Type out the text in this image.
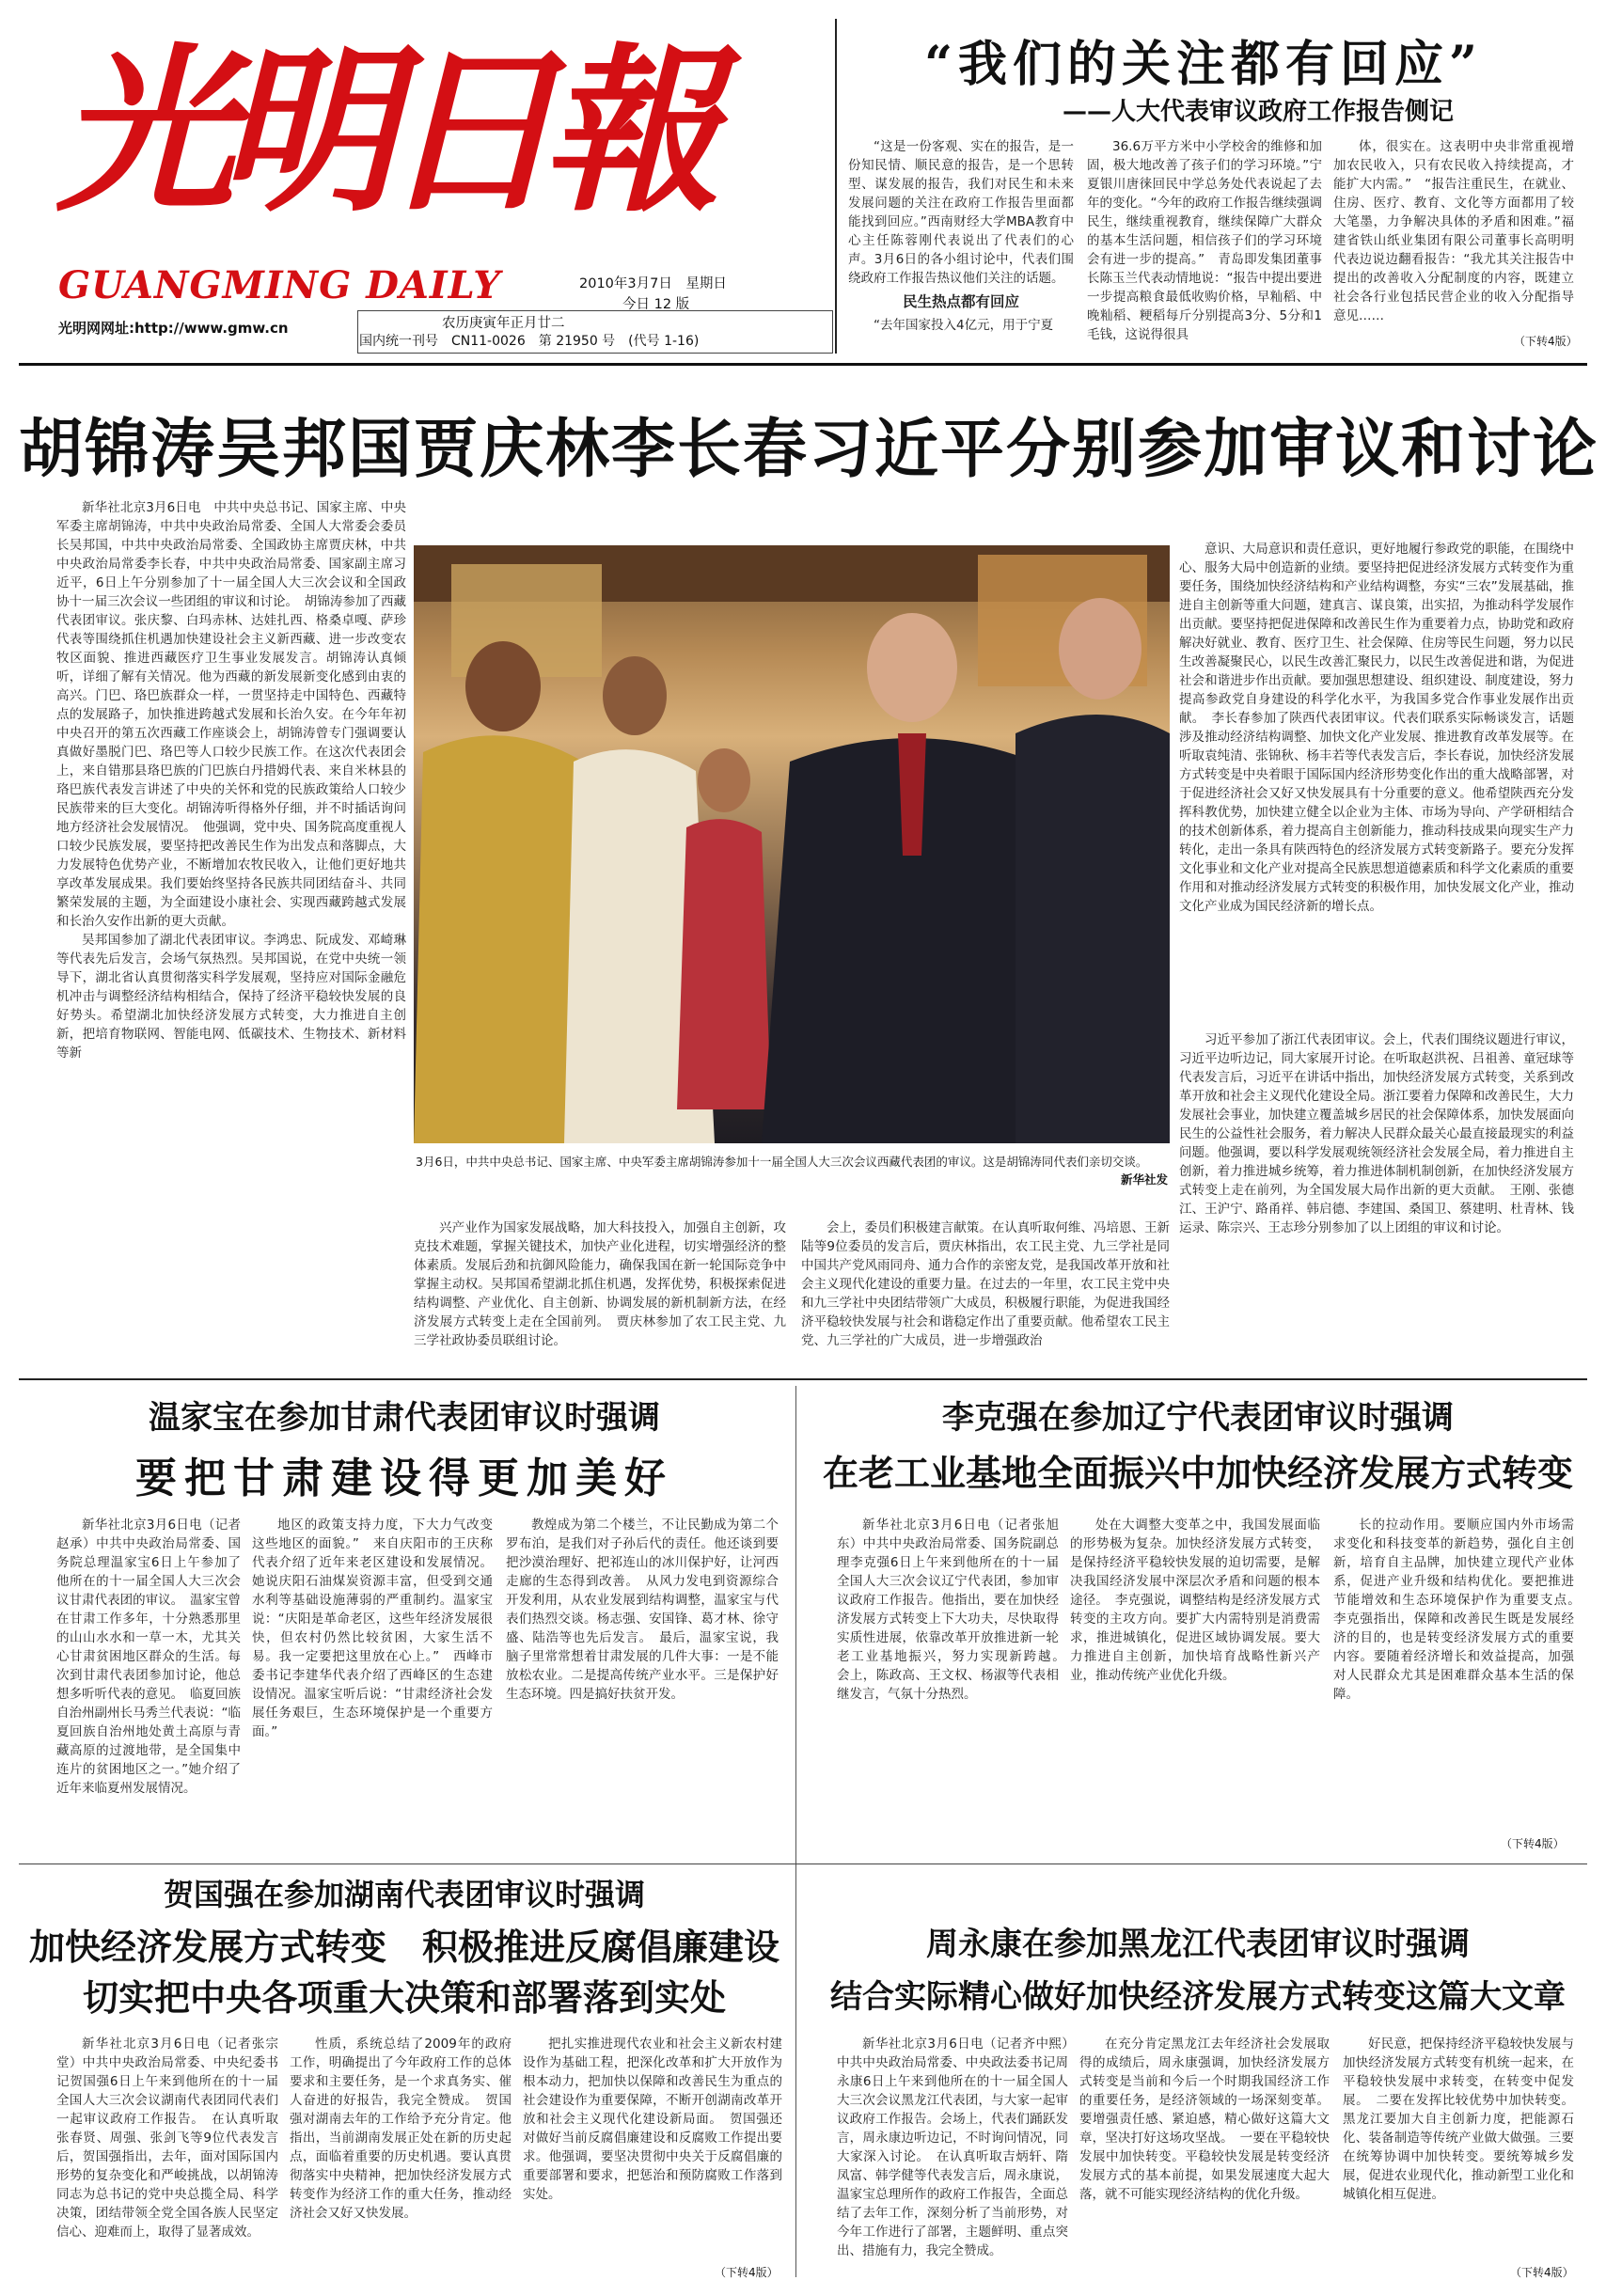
光明日報
GUANGMING DAILY
光明网网址:http://www.gmw.cn
2010年3月7日　星期日
今日 12 版
农历庚寅年正月廿二
国内统一刊号　CN11-0026　第 21950 号　(代号 1-16)
“我们的关注都有回应”
——人大代表审议政府工作报告侧记

“这是一份客观、实在的报告，是一份知民情、顺民意的报告，是一个思转型、谋发展的报告，我们对民生和未来发展问题的关注在政府工作报告里面都能找到回应。”西南财经大学MBA教育中心主任陈蓉刚代表说出了代表们的心声。3月6日的各小组讨论中，代表们围绕政府工作报告热议他们关注的话题。

民生热点都有回应

“去年国家投入4亿元，用于宁夏

36.6万平方米中小学校舍的维修和加固，极大地改善了孩子们的学习环境。”宁夏银川唐徕回民中学总务处代表说起了去年的变化。“今年的政府工作报告继续强调民生，继续重视教育，继续保障广大群众的基本生活问题，相信孩子们的学习环境会有进一步的提高。”　青岛即发集团董事长陈玉兰代表动情地说：“报告中提出要进一步提高粮食最低收购价格，早籼稻、中晚籼稻、粳稻每斤分别提高3分、5分和1毛钱，这说得很具

体，很实在。这表明中央非常重视增加农民收入，只有农民收入持续提高，才能扩大内需。”　“报告注重民生，在就业、住房、医疗、教育、文化等方面都用了较大笔墨，力争解决具体的矛盾和困难。”福建省铁山纸业集团有限公司董事长高明明代表边说边翻看报告：“我尤其关注报告中提出的改善收入分配制度的内容，既建立社会各行业包括民营企业的收入分配指导意见……

（下转4版）
胡锦涛吴邦国贾庆林李长春习近平分别参加审议和讨论

新华社北京3月6日电　中共中央总书记、国家主席、中央军委主席胡锦涛，中共中央政治局常委、全国人大常委会委员长吴邦国，中共中央政治局常委、全国政协主席贾庆林，中共中央政治局常委李长春，中共中央政治局常委、国家副主席习近平，6日上午分别参加了十一届全国人大三次会议和全国政协十一届三次会议一些团组的审议和讨论。　胡锦涛参加了西藏代表团审议。张庆黎、白玛赤林、达娃扎西、格桑卓嘎、萨珍代表等围绕抓住机遇加快建设社会主义新西藏、进一步改变农牧区面貌、推进西藏医疗卫生事业发展发言。胡锦涛认真倾听，详细了解有关情况。他为西藏的新发展新变化感到由衷的高兴。门巴、珞巴族群众一样，一贯坚持走中国特色、西藏特点的发展路子，加快推进跨越式发展和长治久安。在今年年初中央召开的第五次西藏工作座谈会上，胡锦涛曾专门强调要认真做好墨脱门巴、珞巴等人口较少民族工作。在这次代表团会上，来自错那县珞巴族的门巴族白丹措姆代表、来自米林县的珞巴族代表发言讲述了中央的关怀和党的民族政策给人口较少民族带来的巨大变化。胡锦涛听得格外仔细，并不时插话询问地方经济社会发展情况。　他强调，党中央、国务院高度重视人口较少民族发展，要坚持把改善民生作为出发点和落脚点，大力发展特色优势产业，不断增加农牧民收入，让他们更好地共享改革发展成果。我们要始终坚持各民族共同团结奋斗、共同繁荣发展的主题，为全面建设小康社会、实现西藏跨越式发展和长治久安作出新的更大贡献。

吴邦国参加了湖北代表团审议。李鸿忠、阮成发、邓崎琳等代表先后发言，会场气氛热烈。吴邦国说，在党中央统一领导下，湖北省认真贯彻落实科学发展观，坚持应对国际金融危机冲击与调整经济结构相结合，保持了经济平稳较快发展的良好势头。希望湖北加快经济发展方式转变，大力推进自主创新，把培育物联网、智能电网、低碳技术、生物技术、新材料等新

3月6日，中共中央总书记、国家主席、中央军委主席胡锦涛参加十一届全国人大三次会议西藏代表团的审议。这是胡锦涛同代表们亲切交谈。
新华社发

意识、大局意识和责任意识，更好地履行参政党的职能，在围绕中心、服务大局中创造新的业绩。要坚持把促进经济发展方式转变作为重要任务，围绕加快经济结构和产业结构调整，夯实“三农”发展基础，推进自主创新等重大问题，建真言、谋良策，出实招，为推动科学发展作出贡献。要坚持把促进保障和改善民生作为重要着力点，协助党和政府解决好就业、教育、医疗卫生、社会保障、住房等民生问题，努力以民生改善凝聚民心，以民生改善汇聚民力，以民生改善促进和谐，为促进社会和谐进步作出贡献。要加强思想建设、组织建设、制度建设，努力提高参政党自身建设的科学化水平，为我国多党合作事业发展作出贡献。　李长春参加了陕西代表团审议。代表们联系实际畅谈发言，话题涉及推动经济结构调整、加快文化产业发展、推进教育改革发展等。在听取袁纯清、张锦秋、杨丰若等代表发言后，李长春说，加快经济发展方式转变是中央着眼于国际国内经济形势变化作出的重大战略部署，对于促进经济社会又好又快发展具有十分重要的意义。他希望陕西充分发挥科教优势，加快建立健全以企业为主体、市场为导向、产学研相结合的技术创新体系，着力提高自主创新能力，推动科技成果向现实生产力转化，走出一条具有陕西特色的经济发展方式转变新路子。要充分发挥文化事业和文化产业对提高全民族思想道德素质和科学文化素质的重要作用和对推动经济发展方式转变的积极作用，加快发展文化产业，推动文化产业成为国民经济新的增长点。

习近平参加了浙江代表团审议。会上，代表们围绕议题进行审议，习近平边听边记，同大家展开讨论。在听取赵洪祝、吕祖善、童冠球等代表发言后，习近平在讲话中指出，加快经济发展方式转变，关系到改革开放和社会主义现代化建设全局。浙江要着力保障和改善民生，大力发展社会事业，加快建立覆盖城乡居民的社会保障体系，加快发展面向民生的公益性社会服务，着力解决人民群众最关心最直接最现实的利益问题。他强调，要以科学发展观统领经济社会发展全局，着力推进自主创新，着力推进城乡统筹，着力推进体制机制创新，在加快经济发展方式转变上走在前列，为全国发展大局作出新的更大贡献。　王刚、张德江、王沪宁、路甬祥、韩启德、李建国、桑国卫、蔡建明、杜青林、钱运录、陈宗兴、王志珍分别参加了以上团组的审议和讨论。

兴产业作为国家发展战略，加大科技投入，加强自主创新，攻克技术难题，掌握关键技术，加快产业化进程，切实增强经济的整体素质。发展后劲和抗御风险能力，确保我国在新一轮国际竞争中掌握主动权。吴邦国希望湖北抓住机遇，发挥优势，积极探索促进结构调整、产业优化、自主创新、协调发展的新机制新方法，在经济发展方式转变上走在全国前列。　贾庆林参加了农工民主党、九三学社政协委员联组讨论。

会上，委员们积极建言献策。在认真听取何维、冯培恩、王新陆等9位委员的发言后，贾庆林指出，农工民主党、九三学社是同中国共产党风雨同舟、通力合作的亲密友党，是我国改革开放和社会主义现代化建设的重要力量。在过去的一年里，农工民主党中央和九三学社中央团结带领广大成员，积极履行职能，为促进我国经济平稳较快发展与社会和谐稳定作出了重要贡献。他希望农工民主党、九三学社的广大成员，进一步增强政治

温家宝在参加甘肃代表团审议时强调
要把甘肃建设得更加美好

新华社北京3月6日电（记者赵承）中共中央政治局常委、国务院总理温家宝6日上午参加了他所在的十一届全国人大三次会议甘肃代表团的审议。　温家宝曾在甘肃工作多年，十分熟悉那里的山山水水和一草一木，尤其关心甘肃贫困地区群众的生活。每次到甘肃代表团参加讨论，他总想多听听代表的意见。　临夏回族自治州副州长马秀兰代表说：“临夏回族自治州地处黄土高原与青藏高原的过渡地带，是全国集中连片的贫困地区之一。”她介绍了近年来临夏州发展情况。

地区的政策支持力度，下大力气改变这些地区的面貌。”　来自庆阳市的王庆称代表介绍了近年来老区建设和发展情况。她说庆阳石油煤炭资源丰富，但受到交通水利等基础设施薄弱的严重制约。温家宝说：“庆阳是革命老区，这些年经济发展很快，但农村仍然比较贫困，大家生活不易。我一定要把这里放在心上。”　西峰市委书记李建华代表介绍了西峰区的生态建设情况。温家宝听后说：“甘肃经济社会发展任务艰巨，生态环境保护是一个重要方面。”

教煌成为第二个楼兰，不让民勤成为第二个罗布泊，是我们对子孙后代的责任。他还谈到要把沙漠治理好、把祁连山的冰川保护好，让河西走廊的生态得到改善。　从风力发电到资源综合开发利用，从农业发展到结构调整，温家宝与代表们热烈交谈。杨志强、安国锋、葛才林、徐守盛、陆浩等也先后发言。　最后，温家宝说，我脑子里常常想着甘肃发展的几件大事：一是不能放松农业。二是提高传统产业水平。三是保护好生态环境。四是搞好扶贫开发。

李克强在参加辽宁代表团审议时强调
在老工业基地全面振兴中加快经济发展方式转变

新华社北京3月6日电（记者张旭东）中共中央政治局常委、国务院副总理李克强6日上午来到他所在的十一届全国人大三次会议辽宁代表团，参加审议政府工作报告。他指出，要在加快经济发展方式转变上下大功夫，尽快取得实质性进展，依靠改革开放推进新一轮老工业基地振兴，努力实现新跨越。　会上，陈政高、王文权、杨淑等代表相继发言，气氛十分热烈。

处在大调整大变革之中，我国发展面临的形势极为复杂。加快经济发展方式转变，是保持经济平稳较快发展的迫切需要，是解决我国经济发展中深层次矛盾和问题的根本途径。　李克强说，调整结构是经济发展方式转变的主攻方向。要扩大内需特别是消费需求，推进城镇化，促进区域协调发展。要大力推进自主创新，加快培育战略性新兴产业，推动传统产业优化升级。

长的拉动作用。要顺应国内外市场需求变化和科技变革的新趋势，强化自主创新，培育自主品牌，加快建立现代产业体系，促进产业升级和结构优化。要把推进节能增效和生态环境保护作为重要支点。　李克强指出，保障和改善民生既是发展经济的目的，也是转变经济发展方式的重要内容。要随着经济增长和效益提高，加强对人民群众尤其是困难群众基本生活的保障。

（下转4版）
贺国强在参加湖南代表团审议时强调
加快经济发展方式转变　积极推进反腐倡廉建设
切实把中央各项重大决策和部署落到实处

新华社北京3月6日电（记者张宗堂）中共中央政治局常委、中央纪委书记贺国强6日上午来到他所在的十一届全国人大三次会议湖南代表团同代表们一起审议政府工作报告。　在认真听取张春贤、周强、张剑飞等9位代表发言后，贺国强指出，去年，面对国际国内形势的复杂变化和严峻挑战，以胡锦涛同志为总书记的党中央总揽全局、科学决策，团结带领全党全国各族人民坚定信心、迎难而上，取得了显著成效。

性质，系统总结了2009年的政府工作，明确提出了今年政府工作的总体要求和主要任务，是一个求真务实、催人奋进的好报告，我完全赞成。　贺国强对湖南去年的工作给予充分肯定。他指出，当前湖南发展正处在新的历史起点，面临着重要的历史机遇。要认真贯彻落实中央精神，把加快经济发展方式转变作为经济工作的重大任务，推动经济社会又好又快发展。

把扎实推进现代农业和社会主义新农村建设作为基础工程，把深化改革和扩大开放作为根本动力，把加快以保障和改善民生为重点的社会建设作为重要保障，不断开创湖南改革开放和社会主义现代化建设新局面。　贺国强还对做好当前反腐倡廉建设和反腐败工作提出要求。他强调，要坚决贯彻中央关于反腐倡廉的重要部署和要求，把惩治和预防腐败工作落到实处。

（下转4版）
周永康在参加黑龙江代表团审议时强调
结合实际精心做好加快经济发展方式转变这篇大文章

新华社北京3月6日电（记者齐中熙）中共中央政治局常委、中央政法委书记周永康6日上午来到他所在的十一届全国人大三次会议黑龙江代表团，与大家一起审议政府工作报告。会场上，代表们踊跃发言，周永康边听边记，不时询问情况，同大家深入讨论。　在认真听取吉炳轩、隋凤富、韩学健等代表发言后，周永康说，温家宝总理所作的政府工作报告，全面总结了去年工作，深刻分析了当前形势，对今年工作进行了部署，主题鲜明、重点突出、措施有力，我完全赞成。

在充分肯定黑龙江去年经济社会发展取得的成绩后，周永康强调，加快经济发展方式转变是当前和今后一个时期我国经济工作的重要任务，是经济领域的一场深刻变革。要增强责任感、紧迫感，精心做好这篇大文章，坚决打好这场攻坚战。　一要在平稳较快发展中加快转变。平稳较快发展是转变经济发展方式的基本前提，如果发展速度大起大落，就不可能实现经济结构的优化升级。

好民意，把保持经济平稳较快发展与加快经济发展方式转变有机统一起来，在平稳较快发展中求转变，在转变中促发展。　二要在发挥比较优势中加快转变。黑龙江要加大自主创新力度，把能源石化、装备制造等传统产业做大做强。三要在统筹协调中加快转变。要统筹城乡发展，促进农业现代化，推动新型工业化和城镇化相互促进。

（下转4版）
